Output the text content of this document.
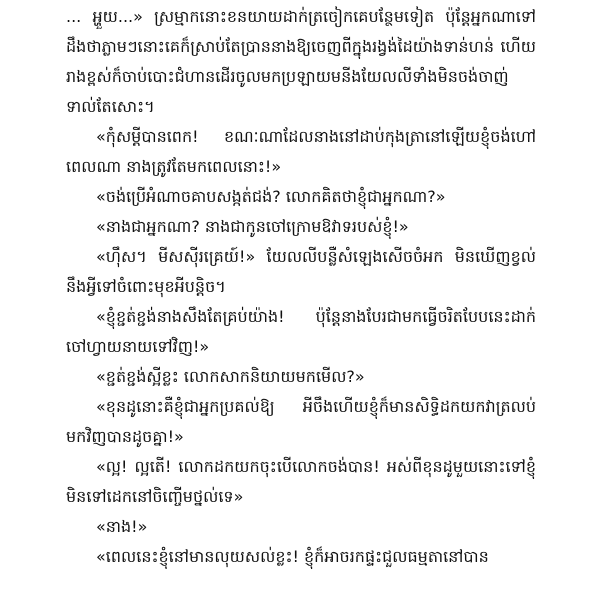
... អ្ហួយ...» ស្រម្មាកនោះខនយាយដាក់ត្រចៀកគេបន្ថែមទៀត ប៉ុន្តែអ្នកណាទៅដឹងថាភ្លាមៗនោះគេក៏ស្រាប់តែប្រាននាងឱ្យចេញពីក្នុងរង្វង់ដៃយ៉ាងទាន់ហន់ ហើយរាងខ្ពស់ក៏ចាប់បោះជំហានដើរចូលមកប្រឡាយមនីងយែលលីទាំងមិនចង់ចាញ់ទាល់តែសោះ។

«កុំសម្ដីបានពេក! ខណៈណាដែលនាងនៅដាប់កុងត្រានៅឡើយខ្ញុំចង់ហៅពេលណា នាងត្រូវតែមកពេលនោះ!»

«ចង់ប្រើអំណាចគាបសង្កត់ជង់? លោកគិតថាខ្ញុំជាអ្នកណា?»

«នាងជាអ្នកណា? នាងជាកូនចៅក្រោមឱវាទរបស់ខ្ញុំ!»

«ហ៊ឹស។ មីសស៊ីរគ្រេយ៍!» យែលលីបន្លឺសំឡេងសើចចំអក មិនឃើញខ្វល់នឹងអ្វីទៅចំពោះមុខអីបន្តិច។

«ខ្ញុំខ្ជត់ខ្ជង់នាងសឹងតែគ្រប់យ៉ាង! ប៉ុន្តែនាងបែរជាមកធ្វើចរិតបែបនេះដាក់ចៅហ្វាយនាយទៅវិញ!»

«ខ្ជត់ខ្ជង់ស្អីខ្លះ លោកសាកនិយាយមកមើល?»

«ខុនដូនោះគឺខ្ញុំជាអ្នកប្រគល់ឱ្យ អីចឹងហើយខ្ញុំក៏មានសិទ្ធិដកយកវាត្រលប់មកវិញបានដូចគ្នា!»

«ល្អ! ល្អតើ! លោកដកយកចុះបើលោកចង់បាន! អស់ពីខុនដូមួយនោះទៅខ្ញុំមិនទៅដេកនៅចិញ្ចើមថ្នល់ទេ»

«នាង!»

«ពេលនេះខ្ញុំនៅមានលុយសល់ខ្លះ! ខ្ញុំក៏អាចរកផ្ទះជួលធម្មតានៅបាន
